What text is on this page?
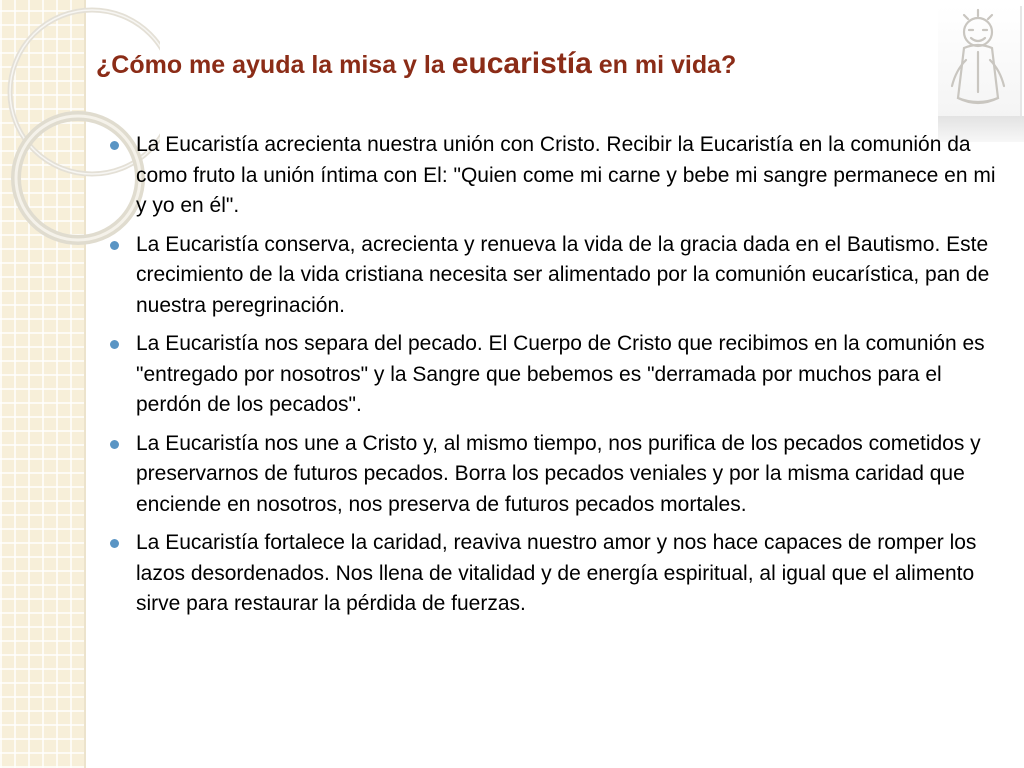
¿Cómo me ayuda la misa y la eucaristía en mi vida?
La Eucaristía acrecienta nuestra unión con Cristo. Recibir la Eucaristía en la comunión da como fruto la unión íntima con El: "Quien come mi carne y bebe mi sangre permanece en mi y yo en él".
La Eucaristía conserva, acrecienta y renueva la vida de la gracia dada en el Bautismo. Este crecimiento de la vida cristiana necesita ser alimentado por la comunión eucarística, pan de nuestra peregrinación.
La Eucaristía nos separa del pecado. El Cuerpo de Cristo que recibimos en la comunión es "entregado por nosotros" y la Sangre que bebemos es "derramada por muchos para el perdón de los pecados".
La Eucaristía nos une a Cristo y, al mismo tiempo, nos purifica de los pecados cometidos y preservarnos de futuros pecados. Borra los pecados veniales y por la misma caridad que enciende en nosotros, nos preserva de futuros pecados mortales.
La Eucaristía fortalece la caridad, reaviva nuestro amor y nos hace capaces de romper los lazos desordenados. Nos llena de vitalidad y de energía espiritual, al igual que el alimento sirve para restaurar la pérdida de fuerzas.
